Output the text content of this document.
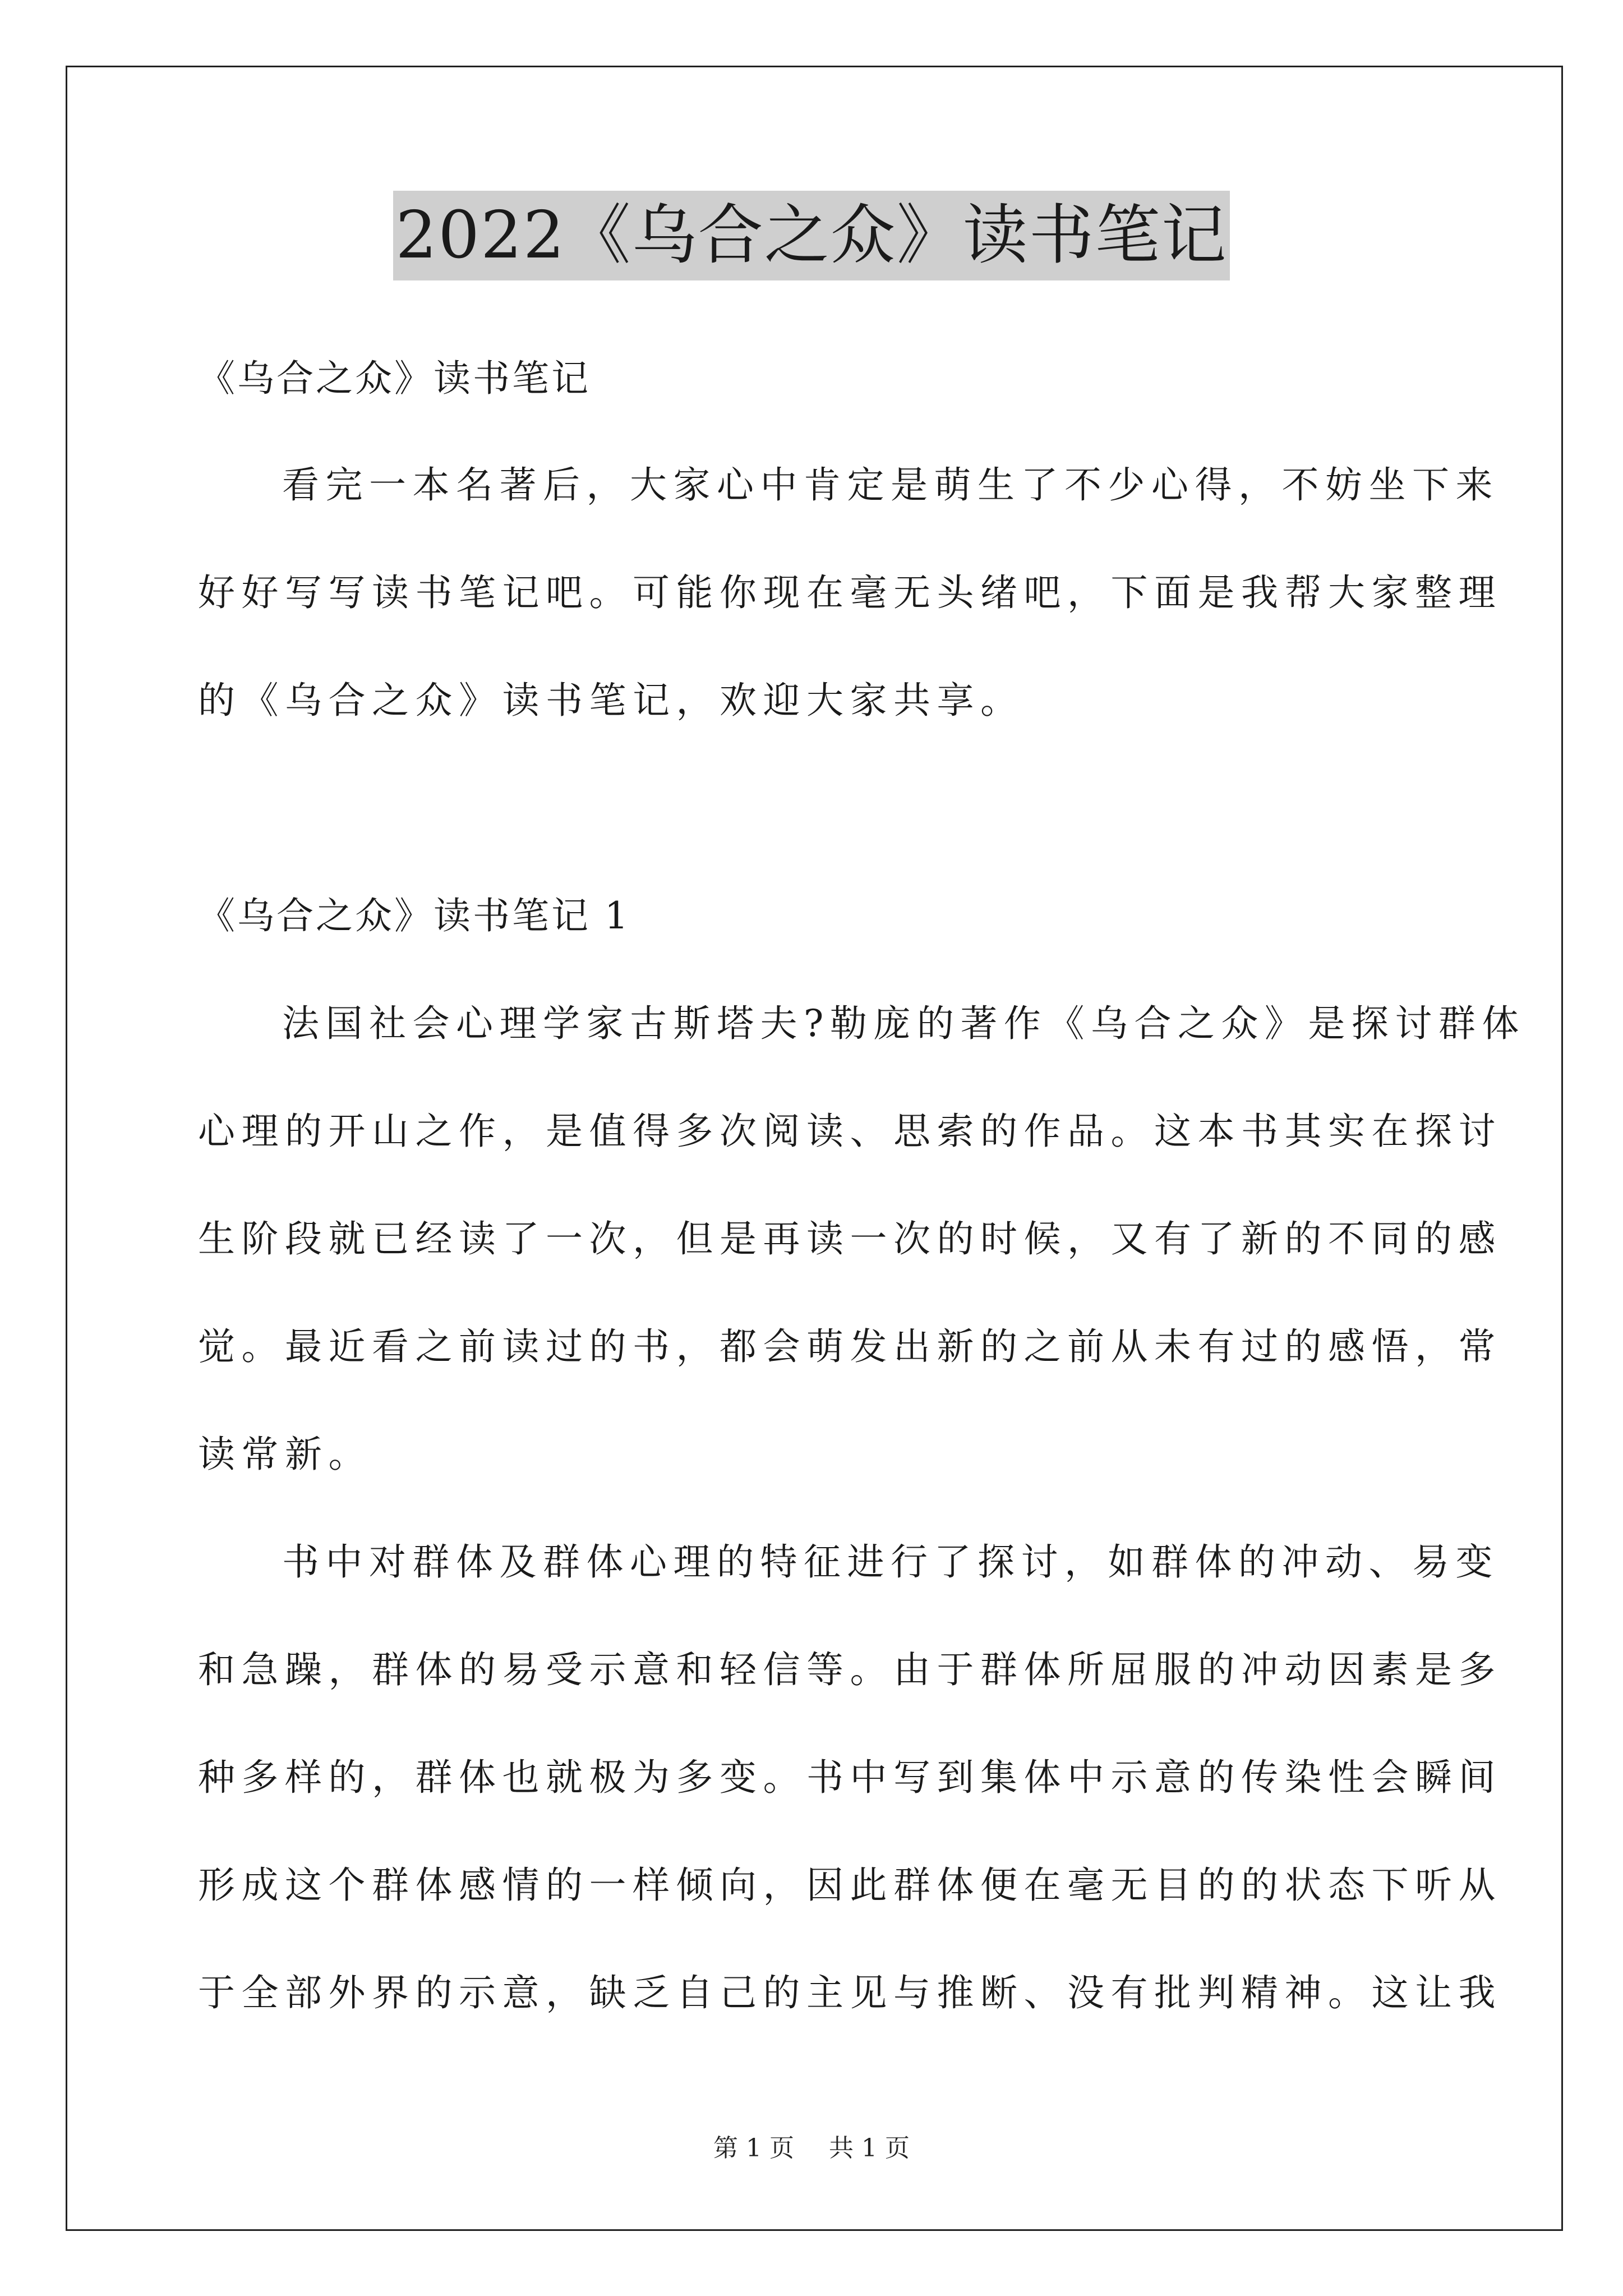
2022《乌合之众》读书笔记
《乌合之众》读书笔记
看完一本名著后，大家心中肯定是萌生了不少心得，不妨坐下来
好好写写读书笔记吧。可能你现在毫无头绪吧，下面是我帮大家整理
的《乌合之众》读书笔记，欢迎大家共享。
《乌合之众》读书笔记 1
法国社会心理学家古斯塔夫?勒庞的著作《乌合之众》是探讨群体
心理的开山之作，是值得多次阅读、思索的作品。这本书其实在探讨
生阶段就已经读了一次，但是再读一次的时候，又有了新的不同的感
觉。最近看之前读过的书，都会萌发出新的之前从未有过的感悟，常
读常新。
书中对群体及群体心理的特征进行了探讨，如群体的冲动、易变
和急躁，群体的易受示意和轻信等。由于群体所屈服的冲动因素是多
种多样的，群体也就极为多变。书中写到集体中示意的传染性会瞬间
形成这个群体感情的一样倾向，因此群体便在毫无目的的状态下听从
于全部外界的示意，缺乏自己的主见与推断、没有批判精神。这让我
第 1 页 共 1 页
